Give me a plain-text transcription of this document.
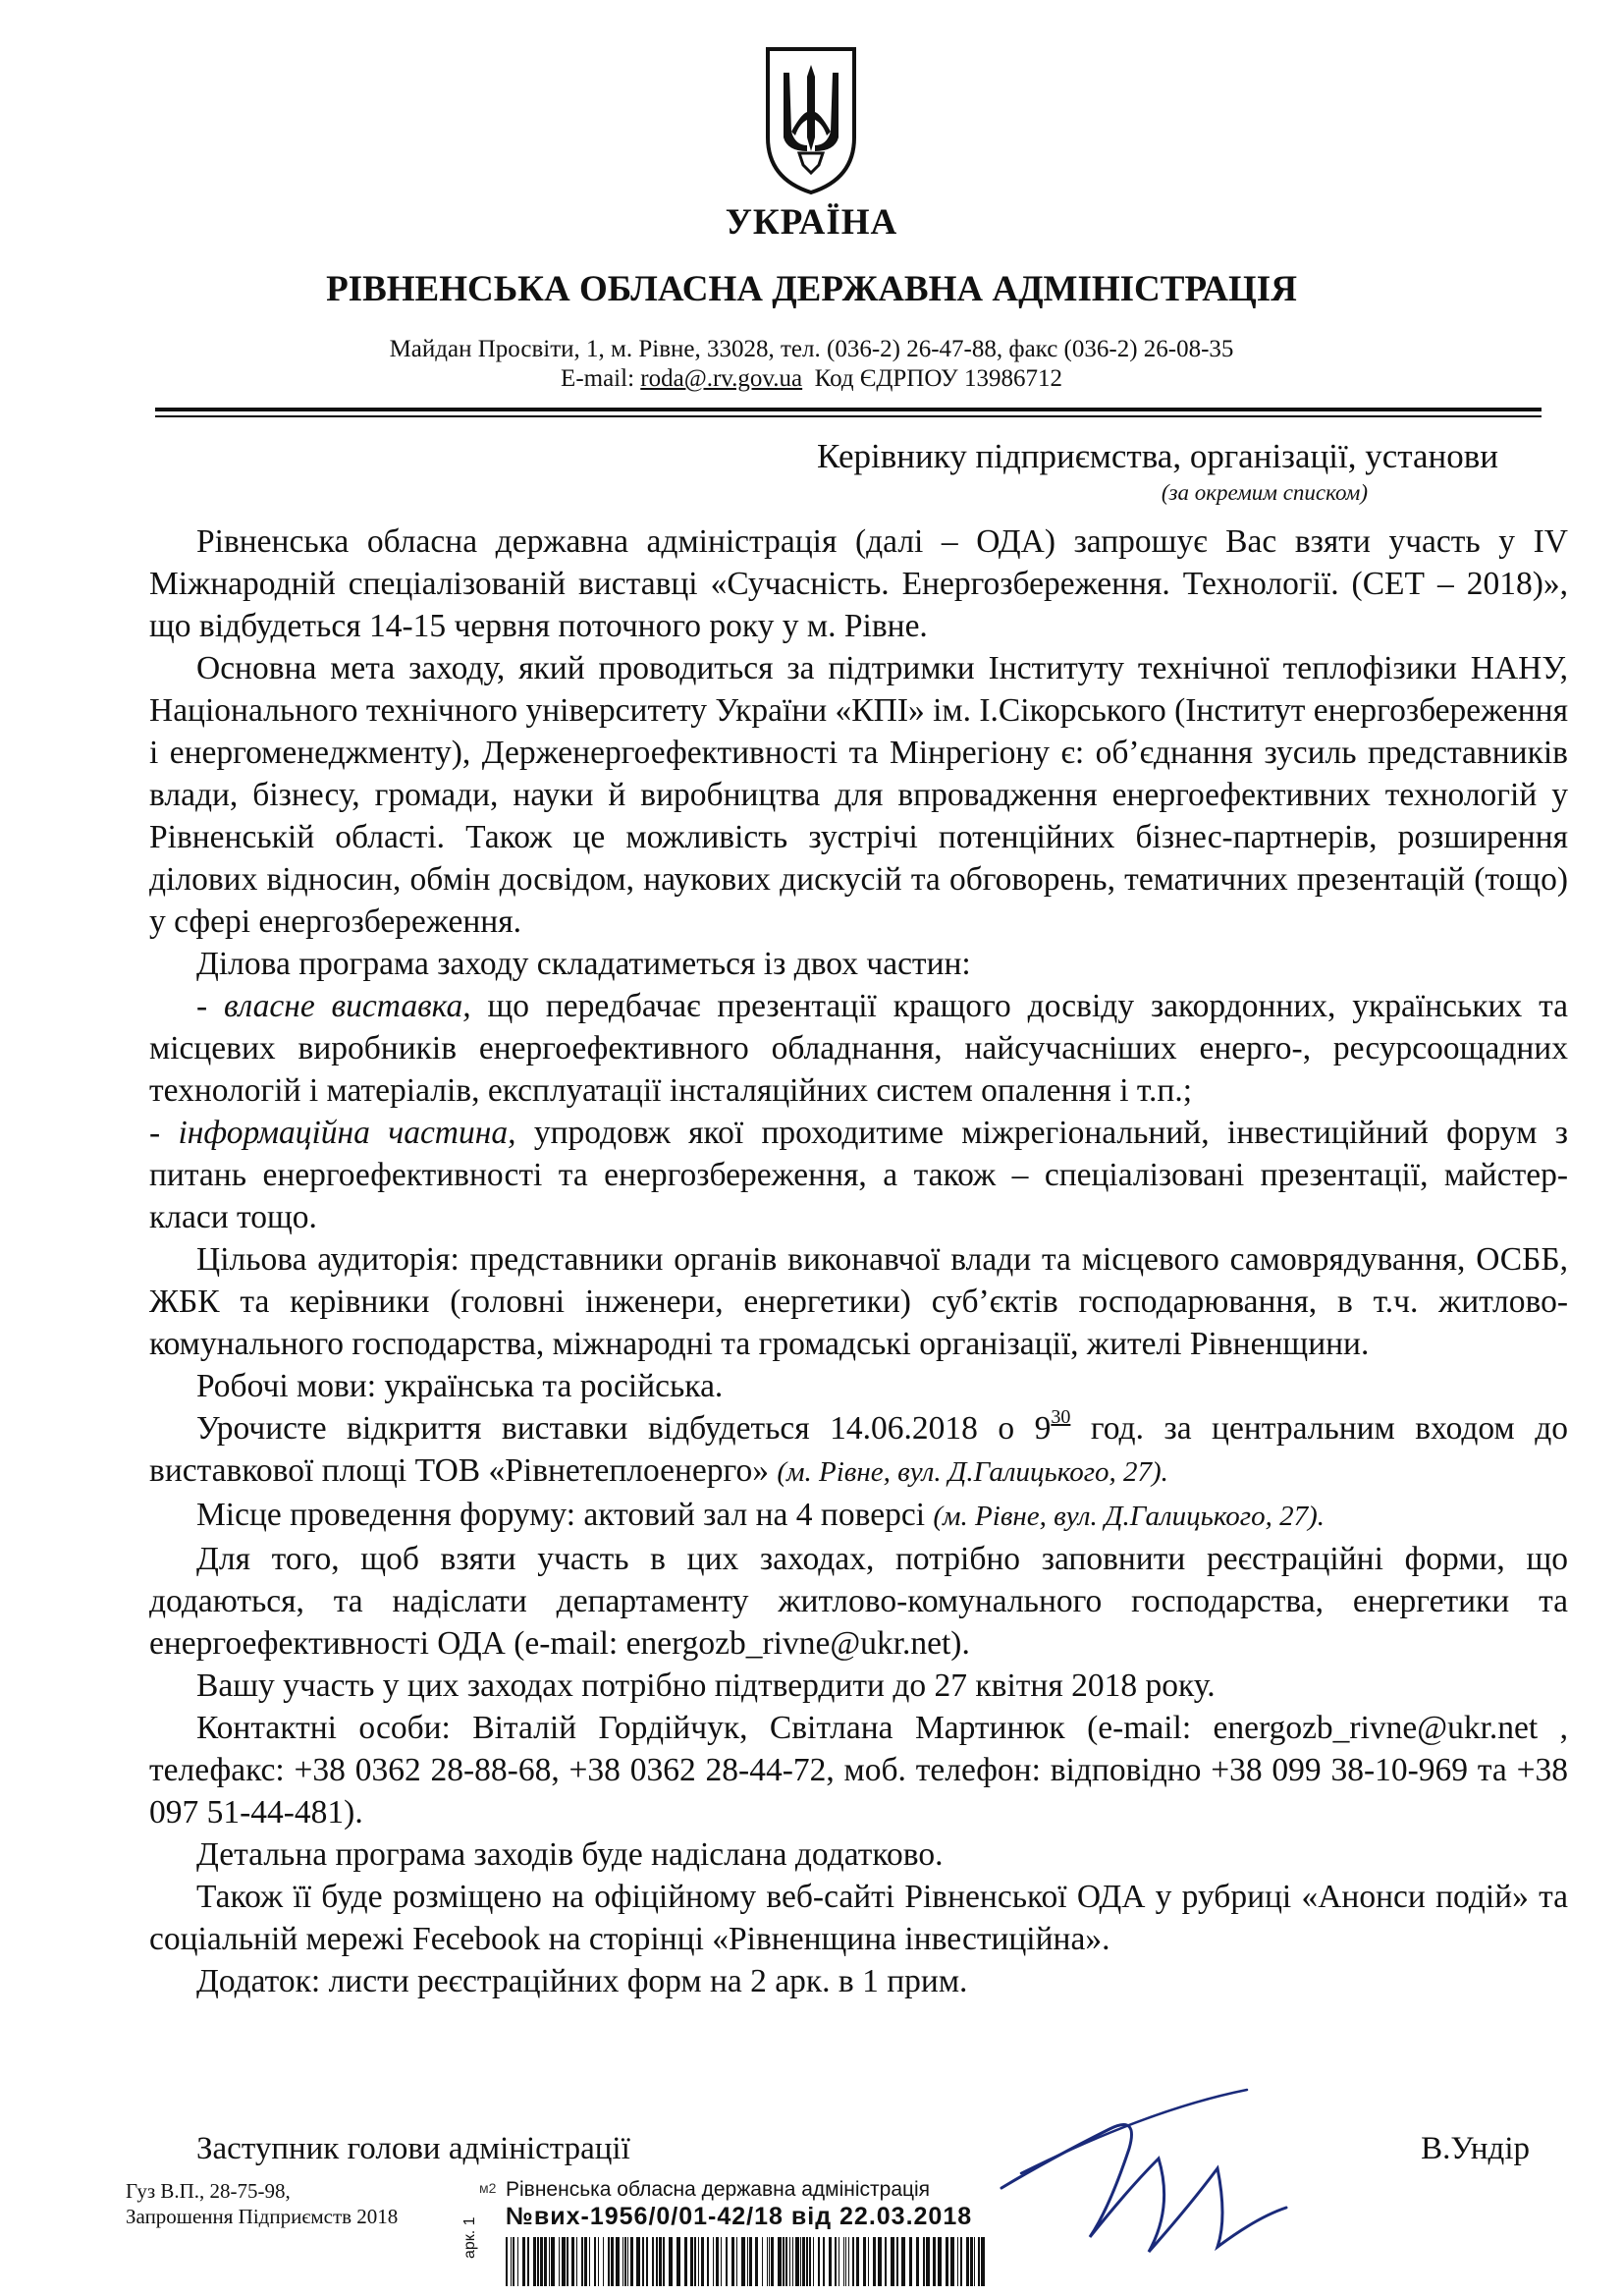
УКРАЇНА
РІВНЕНСЬКА ОБЛАСНА ДЕРЖАВНА АДМІНІСТРАЦІЯ
Майдан Просвіти, 1, м. Рівне, 33028, тел. (036-2) 26-47-88, факс (036-2) 26-08-35
E-mail: roda@.rv.gov.ua Код ЄДРПОУ 13986712
Керівнику підприємства, організації, установи
(за окремим списком)

Рівненська обласна державна адміністрація (далі – ОДА) запрошує Вас взяти участь у IV Міжнародній спеціалізованій виставці «Сучасність. Енергозбереження. Технології. (СЕТ – 2018)», що відбудеться 14-15 червня поточного року у м. Рівне.

Основна мета заходу, який проводиться за підтримки Інституту технічної теплофізики НАНУ, Національного технічного університету України «КПІ» ім. І.Сікорського (Інститут енергозбереження і енергоменеджменту), Держенергоефективності та Мінрегіону є: об’єднання зусиль представників влади, бізнесу, громади, науки й виробництва для впровадження енергоефективних технологій у Рівненській області. Також це можливість зустрічі потенційних бізнес-партнерів, розширення ділових відносин, обмін досвідом, наукових дискусій та обговорень, тематичних презентацій (тощо) у сфері енергозбереження.

Ділова програма заходу складатиметься із двох частин:

- власне виставка, що передбачає презентації кращого досвіду закордонних, українських та місцевих виробників енергоефективного обладнання, найсучасніших енерго-, ресурсоощадних технологій і матеріалів, експлуатації інсталяційних систем опалення і т.п.;

- інформаційна частина, упродовж якої проходитиме міжрегіональний, інвестиційний форум з питань енергоефективності та енергозбереження, а також – спеціалізовані презентації, майстер-класи тощо.

Цільова аудиторія: представники органів виконавчої влади та місцевого самоврядування, ОСББ, ЖБК та керівники (головні інженери, енергетики) суб’єктів господарювання, в т.ч. житлово-комунального господарства, міжнародні та громадські організації, жителі Рівненщини.

Робочі мови: українська та російська.

Урочисте відкриття виставки відбудеться 14.06.2018 о $9^{30}$ год. за центральним входом до виставкової площі ТОВ «Рівнетеплоенерго» (м. Рівне, вул. Д.Галицького, 27).

Місце проведення форуму: актовий зал на 4 поверсі (м. Рівне, вул. Д.Галицького, 27).

Для того, щоб взяти участь в цих заходах, потрібно заповнити реєстраційні форми, що додаються, та надіслати департаменту житлово-комунального господарства, енергетики та енергоефективності ОДА (e-mail: energozb_rivne@ukr.net).

Вашу участь у цих заходах потрібно підтвердити до 27 квітня 2018 року.

Контактні особи: Віталій Гордійчук, Світлана Мартинюк (e-mail: energozb_rivne@ukr.net , телефакс: +38 0362 28-88-68, +38 0362 28-44-72, моб. телефон: відповідно +38 099 38-10-969 та +38 097 51-44-481).

Детальна програма заходів буде надіслана додатково.

Також її буде розміщено на офіційному веб-сайті Рівненської ОДА у рубриці «Анонси подій» та соціальній мережі Fecebook на сторінці «Рівненщина інвестиційна».

Додаток: листи реєстраційних форм на 2 арк. в 1 прим.

Заступник голови адміністрації	В.Ундір
Гуз В.П., 28-75-98,
Запрошення Підприємств 2018
м2 Рівненська обласна державна адміністрація
№вих-1956/0/01-42/18 від 22.03.2018
арк. 1
